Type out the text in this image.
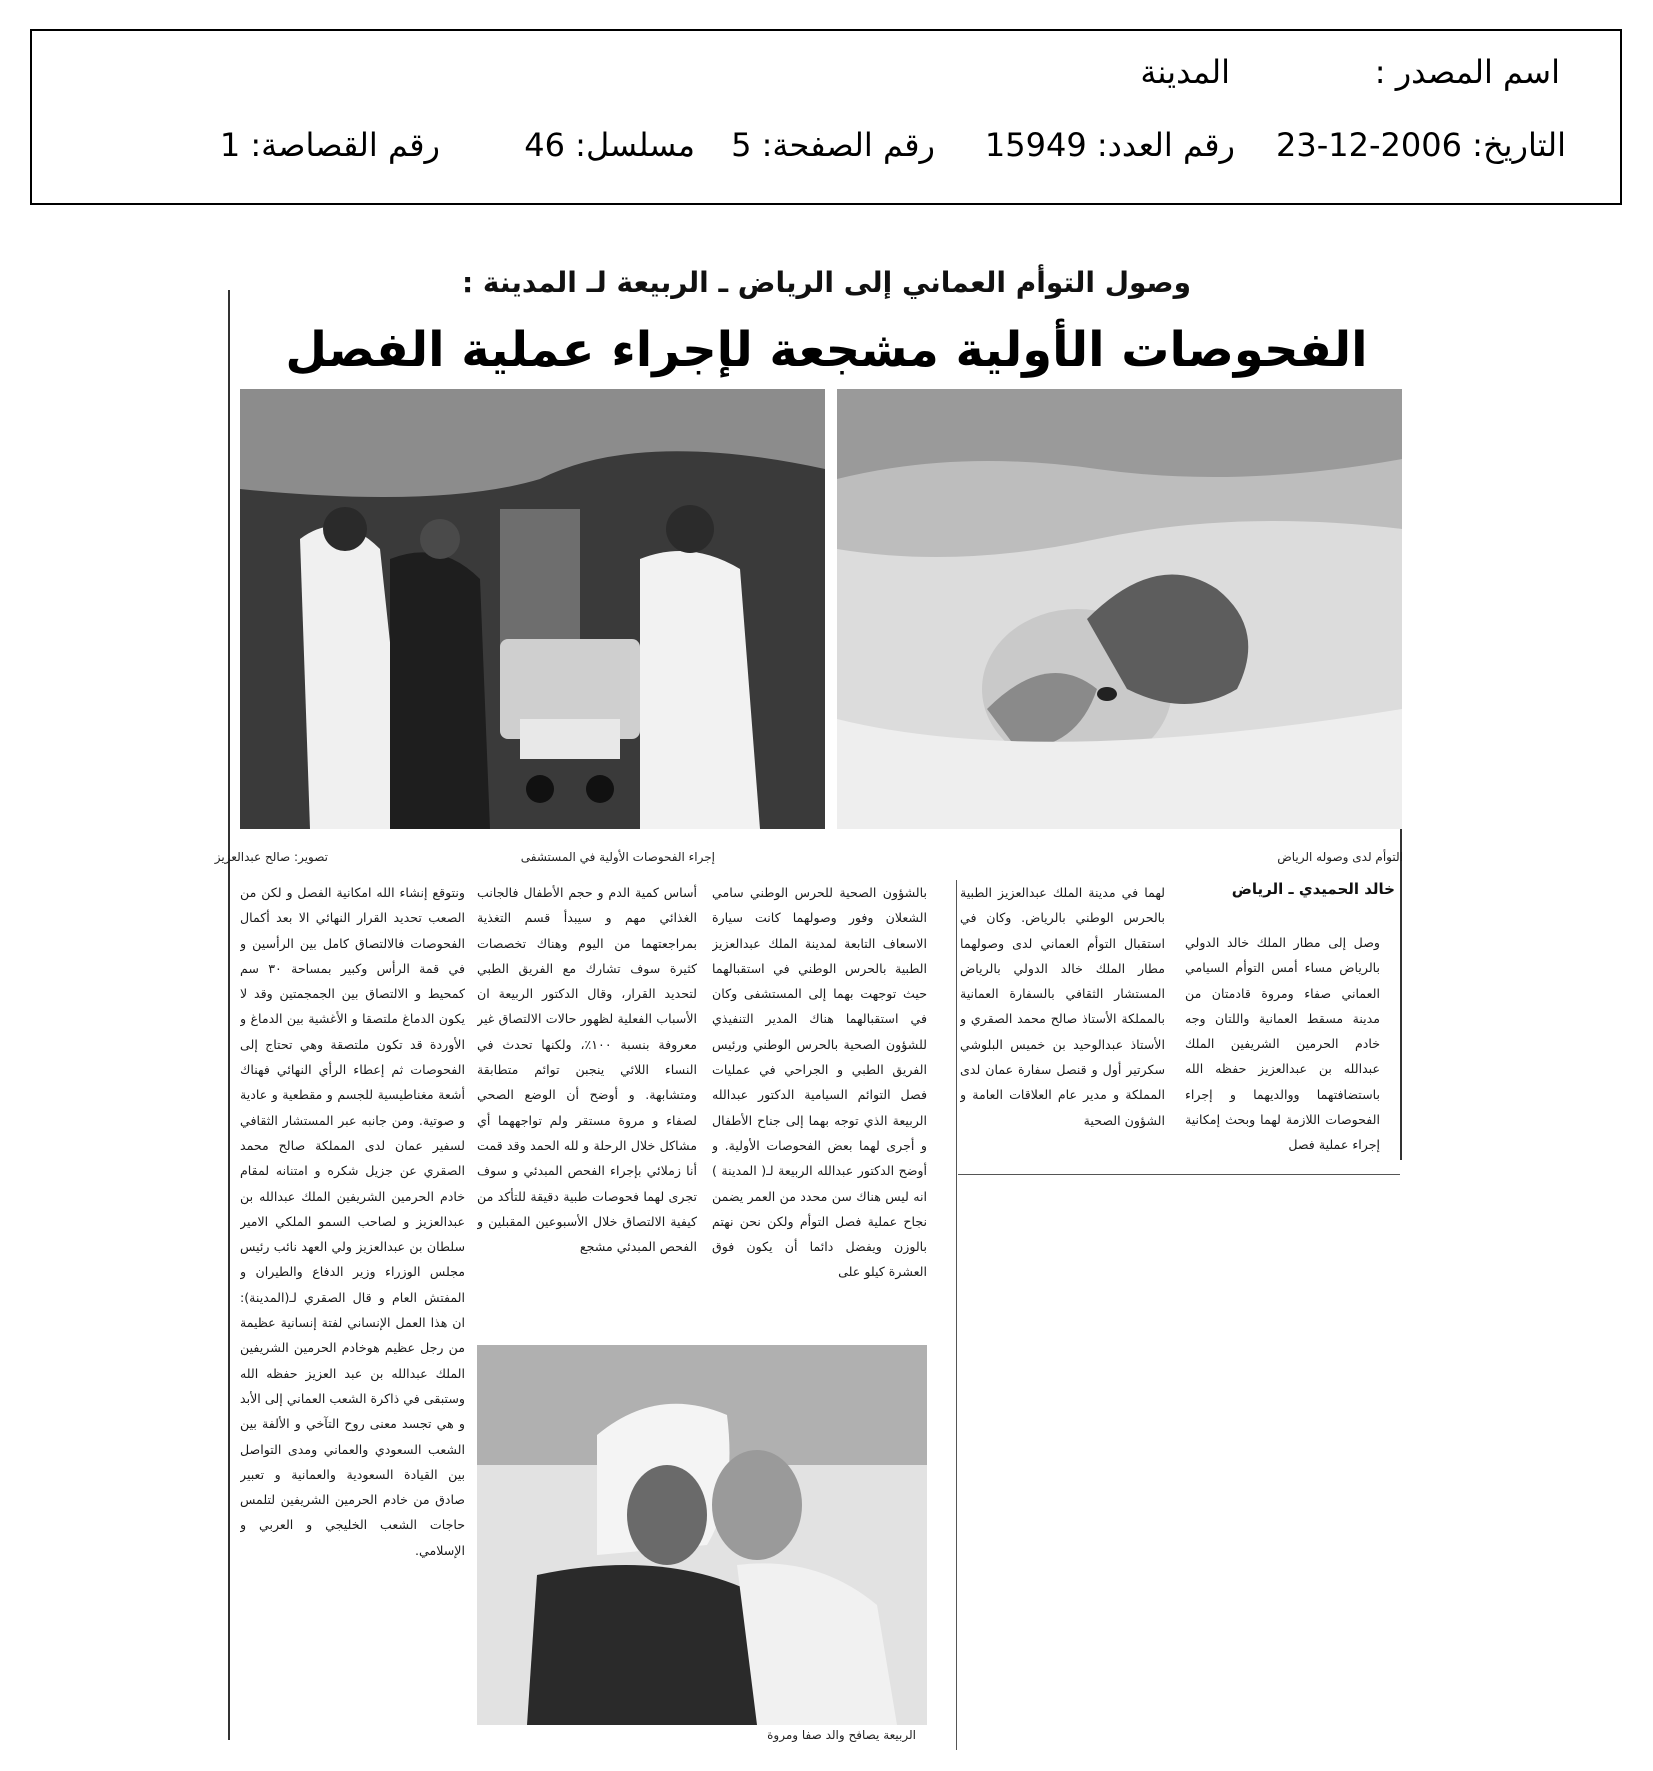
اسم المصدر :
المدينة
التاريخ: 2006-12-23
رقم العدد: 15949
رقم الصفحة: 5
مسلسل: 46
رقم القصاصة: 1
وصول التوأم العماني إلى الرياض ـ الربيعة لـ المدينة :
الفحوصات الأولية مشجعة لإجراء عملية الفصل
التوأم لدى وصوله الرياض
إجراء الفحوصات الأولية في المستشفى
تصوير: صالح عبدالعزيز
خالد الحميدي ـ الرياض

وصل إلى مطار الملك خالد الدولي بالرياض مساء أمس التوأم السيامي العماني صفاء ومروة قادمتان من مدينة مسقط العمانية واللتان وجه خادم الحرمين الشريفين الملك عبدالله بن عبدالعزيز حفظه الله باستضافتهما ووالديهما و إجراء الفحوصات اللازمة لهما وبحث إمكانية إجراء عملية فصل

لهما في مدينة الملك عبدالعزيز الطبية بالحرس الوطني بالرياض. وكان في استقبال التوأم العماني لدى وصولهما مطار الملك خالد الدولي بالرياض المستشار الثقافي بالسفارة العمانية بالمملكة الأستاذ صالح محمد الصقري و الأستاذ عبدالوحيد بن خميس البلوشي سكرتير أول و قنصل سفارة عمان لدى المملكة و مدير عام العلاقات العامة و الشؤون الصحية

بالشؤون الصحية للحرس الوطني سامي الشعلان وفور وصولهما كانت سيارة الاسعاف التابعة لمدينة الملك عبدالعزيز الطبية بالحرس الوطني في استقبالهما حيث توجهت بهما إلى المستشفى وكان في استقبالهما هناك المدير التنفيذي للشؤون الصحية بالحرس الوطني ورئيس الفريق الطبي و الجراحي في عمليات فصل التوائم السيامية الدكتور عبدالله الربيعة الذي توجه بهما إلى جناح الأطفال و أجرى لهما بعض الفحوصات الأولية. و أوضح الدكتور عبدالله الربيعة لـ( المدينة ) انه ليس هناك سن محدد من العمر يضمن نجاح عملية فصل التوأم ولكن نحن نهتم بالوزن ويفضل دائما أن يكون فوق العشرة كيلو على

أساس كمية الدم و حجم الأطفال فالجانب الغذائي مهم و سيبدأ قسم التغذية بمراجعتهما من اليوم وهناك تخصصات كثيرة سوف تشارك مع الفريق الطبي لتحديد القرار، وقال الدكتور الربيعة ان الأسباب الفعلية لظهور حالات الالتصاق غير معروفة بنسبة ١٠٠٪، ولكنها تحدث في النساء اللائي ينجبن توائم متطابقة ومتشابهة. و أوضح أن الوضع الصحي لصفاء و مروة مستقر ولم تواجههما أي مشاكل خلال الرحلة و لله الحمد وقد قمت أنا زملائي بإجراء الفحص المبدئي و سوف تجرى لهما فحوصات طبية دقيقة للتأكد من كيفية الالتصاق خلال الأسبوعين المقبلين و الفحص المبدئي مشجع

ونتوقع إنشاء الله امكانية الفصل و لكن من الصعب تحديد القرار النهائي الا بعد أكمال الفحوصات فالالتصاق كامل بين الرأسين و في قمة الرأس وكبير بمساحة ٣٠ سم كمحيط و الالتصاق بين الجمجمتين وقد لا يكون الدماغ ملتصقا و الأغشية بين الدماغ و الأوردة قد تكون ملتصقة وهي تحتاج إلى الفحوصات ثم إعطاء الرأي النهائي فهناك أشعة مغناطيسية للجسم و مقطعية و عادية و صوتية. ومن جانبه عبر المستشار الثقافي لسفير عمان لدى المملكة صالح محمد الصقري عن جزيل شكره و امتنانه لمقام خادم الحرمين الشريفين الملك عبدالله بن عبدالعزيز و لصاحب السمو الملكي الامير سلطان بن عبدالعزيز ولي العهد نائب رئيس مجلس الوزراء وزير الدفاع والطيران و المفتش العام و قال الصقري لـ(المدينة): ان هذا العمل الإنساني لفتة إنسانية عظيمة من رجل عظيم هوخادم الحرمين الشريفين الملك عبدالله بن عبد العزيز حفظه الله وستبقى في ذاكرة الشعب العماني إلى الأبد و هي تجسد معنى روح التآخي و الألفة بين الشعب السعودي والعماني ومدى التواصل بين القيادة السعودية والعمانية و تعبير صادق من خادم الحرمين الشريفين لتلمس حاجات الشعب الخليجي و العربي و الإسلامي.

الربيعة يصافح والد صفا ومروة
